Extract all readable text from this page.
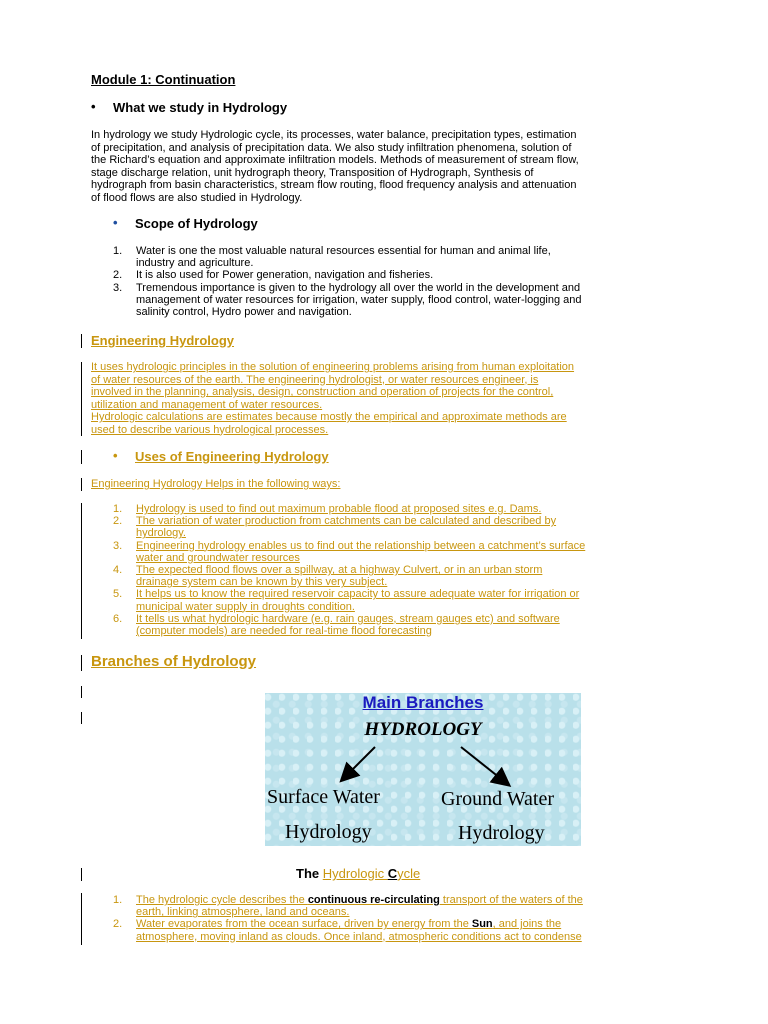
Module 1: Continuation
• What we study in Hydrology
In hydrology we study Hydrologic cycle, its processes, water balance, precipitation types, estimation
of precipitation, and analysis of precipitation data. We also study infiltration phenomena, solution of
the Richard’s equation and approximate infiltration models. Methods of measurement of stream flow,
stage discharge relation, unit hydrograph theory, Transposition of Hydrograph, Synthesis of
hydrograph from basin characteristics, stream flow routing, flood frequency analysis and attenuation
of flood flows are also studied in Hydrology.
• Scope of Hydrology
1. Water is one the most valuable natural resources essential for human and animal life,
industry and agriculture.
2. It is also used for Power generation, navigation and fisheries.
3. Tremendous importance is given to the hydrology all over the world in the development and
management of water resources for irrigation, water supply, flood control, water-logging and
salinity control, Hydro power and navigation.
Engineering Hydrology
It uses hydrologic principles in the solution of engineering problems arising from human exploitation
of water resources of the earth. The engineering hydrologist, or water resources engineer, is
involved in the planning, analysis, design, construction and operation of projects for the control,
utilization and management of water resources.
Hydrologic calculations are estimates because mostly the empirical and approximate methods are
used to describe various hydrological processes.
• Uses of Engineering Hydrology
Engineering Hydrology Helps in the following ways:
1. Hydrology is used to find out maximum probable flood at proposed sites e.g. Dams.
2. The variation of water production from catchments can be calculated and described by
hydrology.
3. Engineering hydrology enables us to find out the relationship between a catchment’s surface
water and groundwater resources
4. The expected flood flows over a spillway, at a highway Culvert, or in an urban storm
drainage system can be known by this very subject.
5. It helps us to know the required reservoir capacity to assure adequate water for irrigation or
municipal water supply in droughts condition.
6. It tells us what hydrologic hardware (e.g. rain gauges, stream gauges etc) and software
(computer models) are needed for real-time flood forecasting
Branches of Hydrology
Main Branches
HYDROLOGY
Surface Water
Hydrology
Ground Water
Hydrology
The Hydrologic Cycle
1. The hydrologic cycle describes the continuous re-circulating transport of the waters of the
earth, linking atmosphere, land and oceans.
2. Water evaporates from the ocean surface, driven by energy from the Sun, and joins the
atmosphere, moving inland as clouds. Once inland, atmospheric conditions act to condense
